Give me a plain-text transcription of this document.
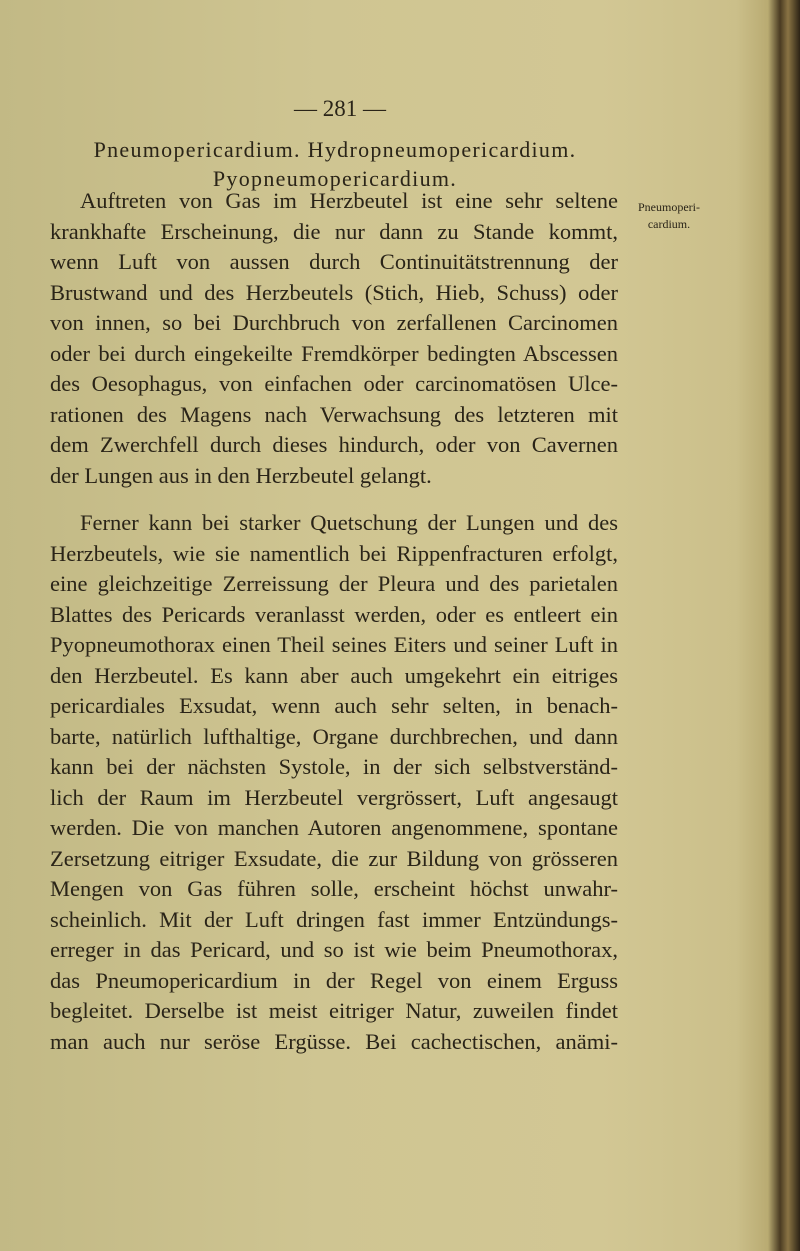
— 281 —
Pneumopericardium. Hydropneumopericardium.
Pyopneumopericardium.
Pneumoperi-
cardium.
Auftreten von Gas im Herzbeutel ist eine sehr seltene
krankhafte Erscheinung, die nur dann zu Stande kommt,
wenn Luft von aussen durch Continuitätstrennung der
Brustwand und des Herzbeutels (Stich, Hieb, Schuss) oder
von innen, so bei Durchbruch von zerfallenen Carcinomen
oder bei durch eingekeilte Fremdkörper bedingten Abscessen
des Oesophagus, von einfachen oder carcinomatösen Ulce-
rationen des Magens nach Verwachsung des letzteren mit
dem Zwerchfell durch dieses hindurch, oder von Cavernen
der Lungen aus in den Herzbeutel gelangt.
Ferner kann bei starker Quetschung der Lungen und des
Herzbeutels, wie sie namentlich bei Rippenfracturen erfolgt,
eine gleichzeitige Zerreissung der Pleura und des parietalen
Blattes des Pericards veranlasst werden, oder es entleert ein
Pyopneumothorax einen Theil seines Eiters und seiner Luft in
den Herzbeutel. Es kann aber auch umgekehrt ein eitriges
pericardiales Exsudat, wenn auch sehr selten, in benach-
barte, natürlich lufthaltige, Organe durchbrechen, und dann
kann bei der nächsten Systole, in der sich selbstverständ-
lich der Raum im Herzbeutel vergrössert, Luft angesaugt
werden. Die von manchen Autoren angenommene, spontane
Zersetzung eitriger Exsudate, die zur Bildung von grösseren
Mengen von Gas führen solle, erscheint höchst unwahr-
scheinlich. Mit der Luft dringen fast immer Entzündungs-
erreger in das Pericard, und so ist wie beim Pneumothorax,
das Pneumopericardium in der Regel von einem Erguss
begleitet. Derselbe ist meist eitriger Natur, zuweilen findet
man auch nur seröse Ergüsse. Bei cachectischen, anämi-
